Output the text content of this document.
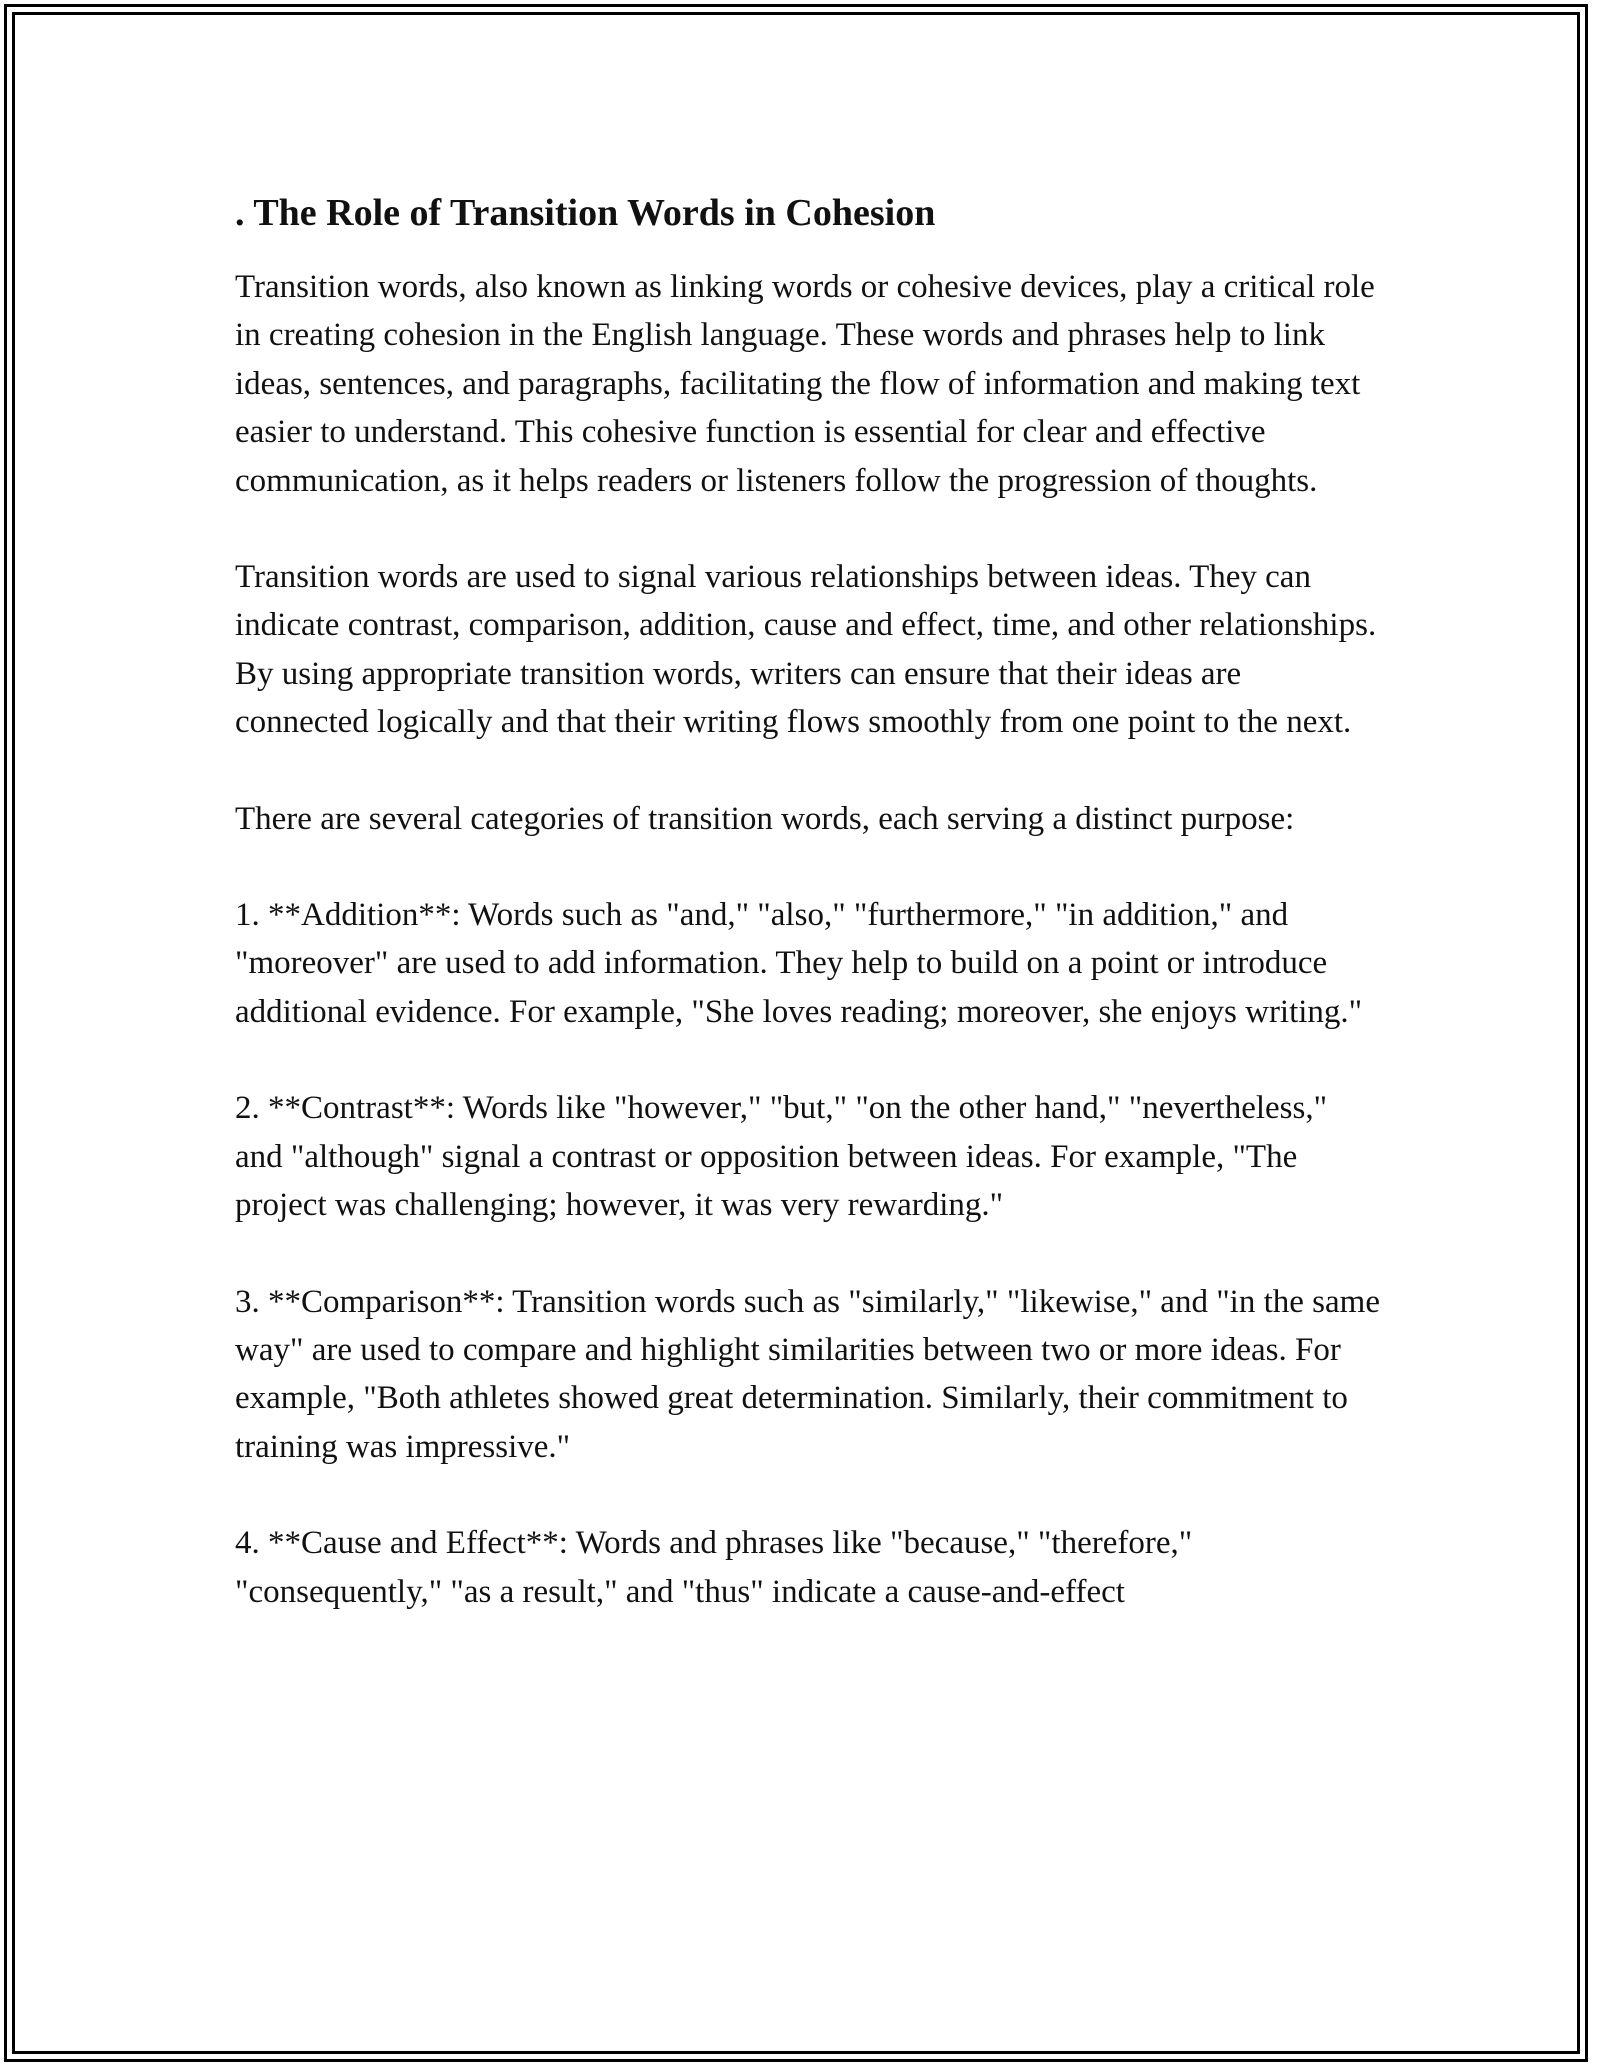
. The Role of Transition Words in Cohesion

Transition words, also known as linking words or cohesive devices, play a critical role in creating cohesion in the English language. These words and phrases help to link ideas, sentences, and paragraphs, facilitating the flow of information and making text easier to understand. This cohesive function is essential for clear and effective communication, as it helps readers or listeners follow the progression of thoughts.

Transition words are used to signal various relationships between ideas. They can indicate contrast, comparison, addition, cause and effect, time, and other relationships. By using appropriate transition words, writers can ensure that their ideas are connected logically and that their writing flows smoothly from one point to the next.

There are several categories of transition words, each serving a distinct purpose:

1. **Addition**: Words such as "and," "also," "furthermore," "in addition," and "moreover" are used to add information. They help to build on a point or introduce additional evidence. For example, "She loves reading; moreover, she enjoys writing."

2. **Contrast**: Words like "however," "but," "on the other hand," "nevertheless," and "although" signal a contrast or opposition between ideas. For example, "The project was challenging; however, it was very rewarding."

3. **Comparison**: Transition words such as "similarly," "likewise," and "in the same way" are used to compare and highlight similarities between two or more ideas. For example, "Both athletes showed great determination. Similarly, their commitment to training was impressive."

4. **Cause and Effect**: Words and phrases like "because," "therefore," "consequently," "as a result," and "thus" indicate a cause-and-effect
